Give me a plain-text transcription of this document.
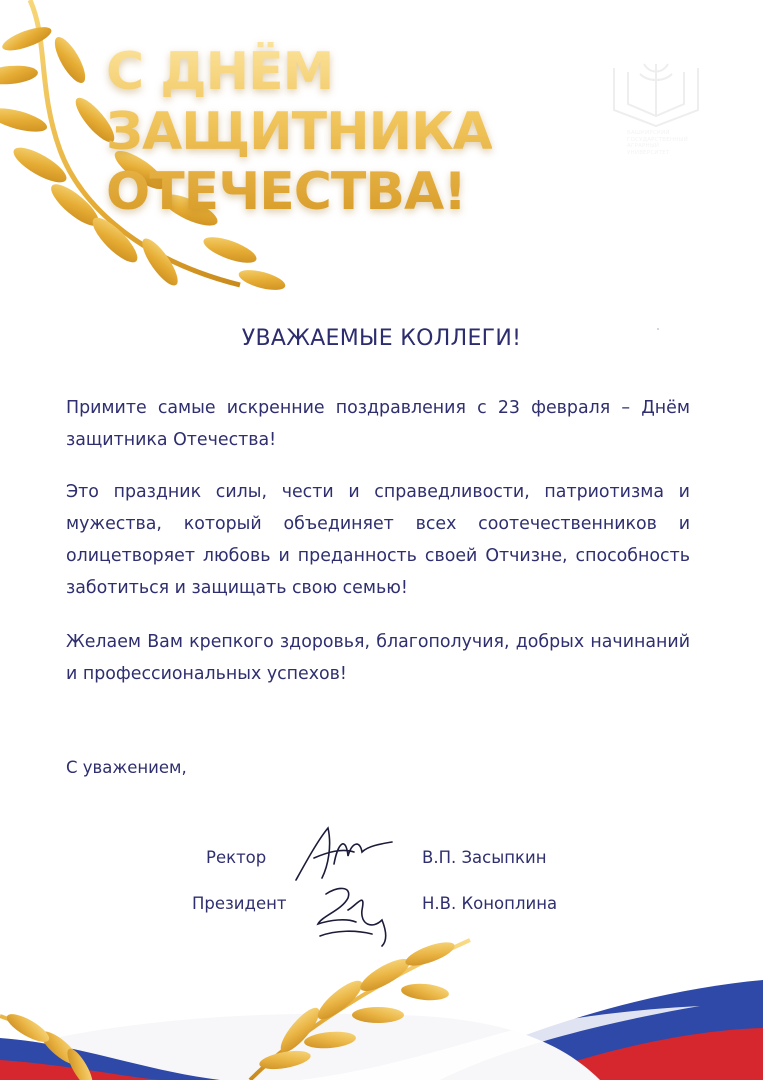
С ДНЁМ
ЗАЩИТНИКА
ОТЕЧЕСТВА!
БАШКИРСКИЙ
ГОСУДАРСТВЕННЫЙ
АГРАРНЫЙ
УНИВЕРСИТЕТ
УВАЖАЕМЫЕ КОЛЛЕГИ!

Примите самые искренние поздравления с 23 февраля – Днём защитника Отечества!

Это праздник силы, чести и справедливости, патриотизма и мужества, который объединяет всех соотечественников и олицетворяет любовь и преданность своей Отчизне, способность заботиться и защищать свою семью!

Желаем Вам крепкого здоровья, благополучия, добрых начинаний и профессиональных успехов!

С уважением,
Ректор	В.П. Засыпкин
Президент	Н.В. Коноплина
